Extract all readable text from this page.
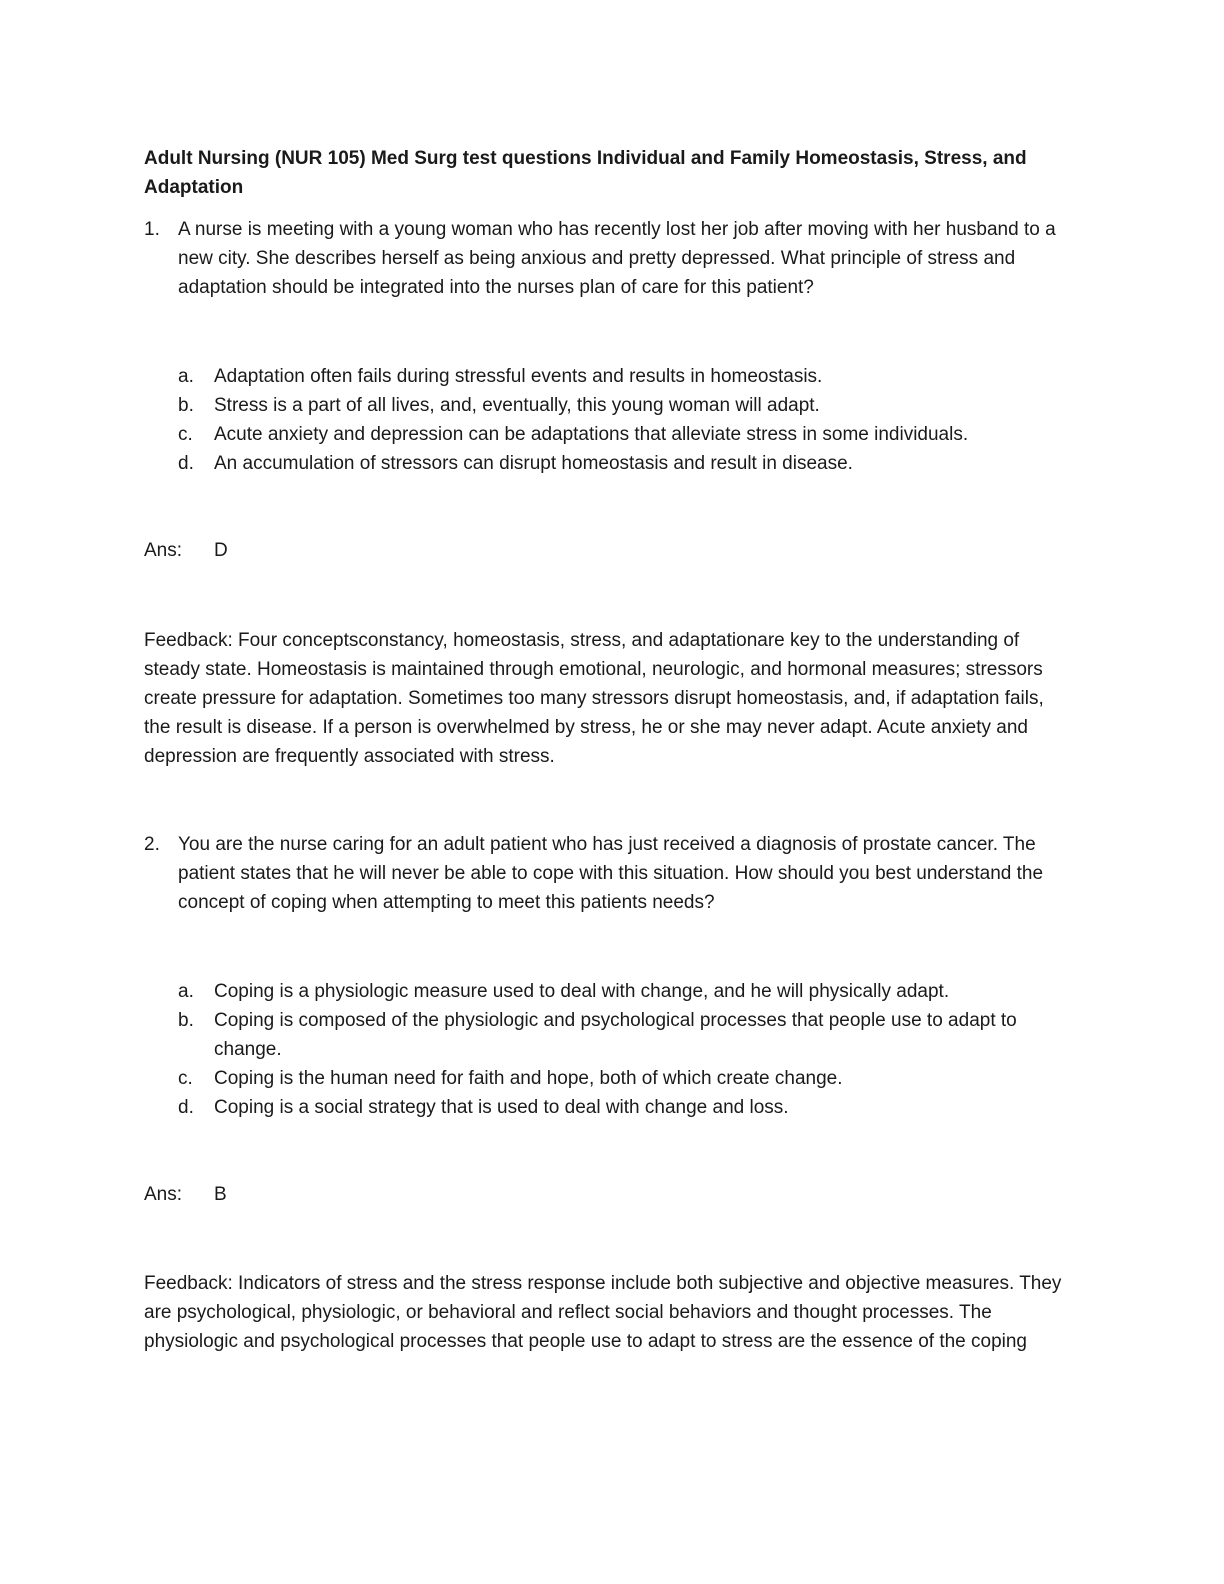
Adult Nursing (NUR 105) Med Surg test questions Individual and Family Homeostasis, Stress, and Adaptation
1. A nurse is meeting with a young woman who has recently lost her job after moving with her husband to a new city. She describes herself as being anxious and pretty depressed. What principle of stress and adaptation should be integrated into the nurses plan of care for this patient?
a. Adaptation often fails during stressful events and results in homeostasis.
b. Stress is a part of all lives, and, eventually, this young woman will adapt.
c. Acute anxiety and depression can be adaptations that alleviate stress in some individuals.
d. An accumulation of stressors can disrupt homeostasis and result in disease.
Ans: D
Feedback: Four conceptsconstancy, homeostasis, stress, and adaptationare key to the understanding of steady state. Homeostasis is maintained through emotional, neurologic, and hormonal measures; stressors create pressure for adaptation. Sometimes too many stressors disrupt homeostasis, and, if adaptation fails, the result is disease. If a person is overwhelmed by stress, he or she may never adapt. Acute anxiety and depression are frequently associated with stress.
2. You are the nurse caring for an adult patient who has just received a diagnosis of prostate cancer. The patient states that he will never be able to cope with this situation. How should you best understand the concept of coping when attempting to meet this patients needs?
a. Coping is a physiologic measure used to deal with change, and he will physically adapt.
b. Coping is composed of the physiologic and psychological processes that people use to adapt to change.
c. Coping is the human need for faith and hope, both of which create change.
d. Coping is a social strategy that is used to deal with change and loss.
Ans: B
Feedback: Indicators of stress and the stress response include both subjective and objective measures. They are psychological, physiologic, or behavioral and reflect social behaviors and thought processes. The physiologic and psychological processes that people use to adapt to stress are the essence of the coping
